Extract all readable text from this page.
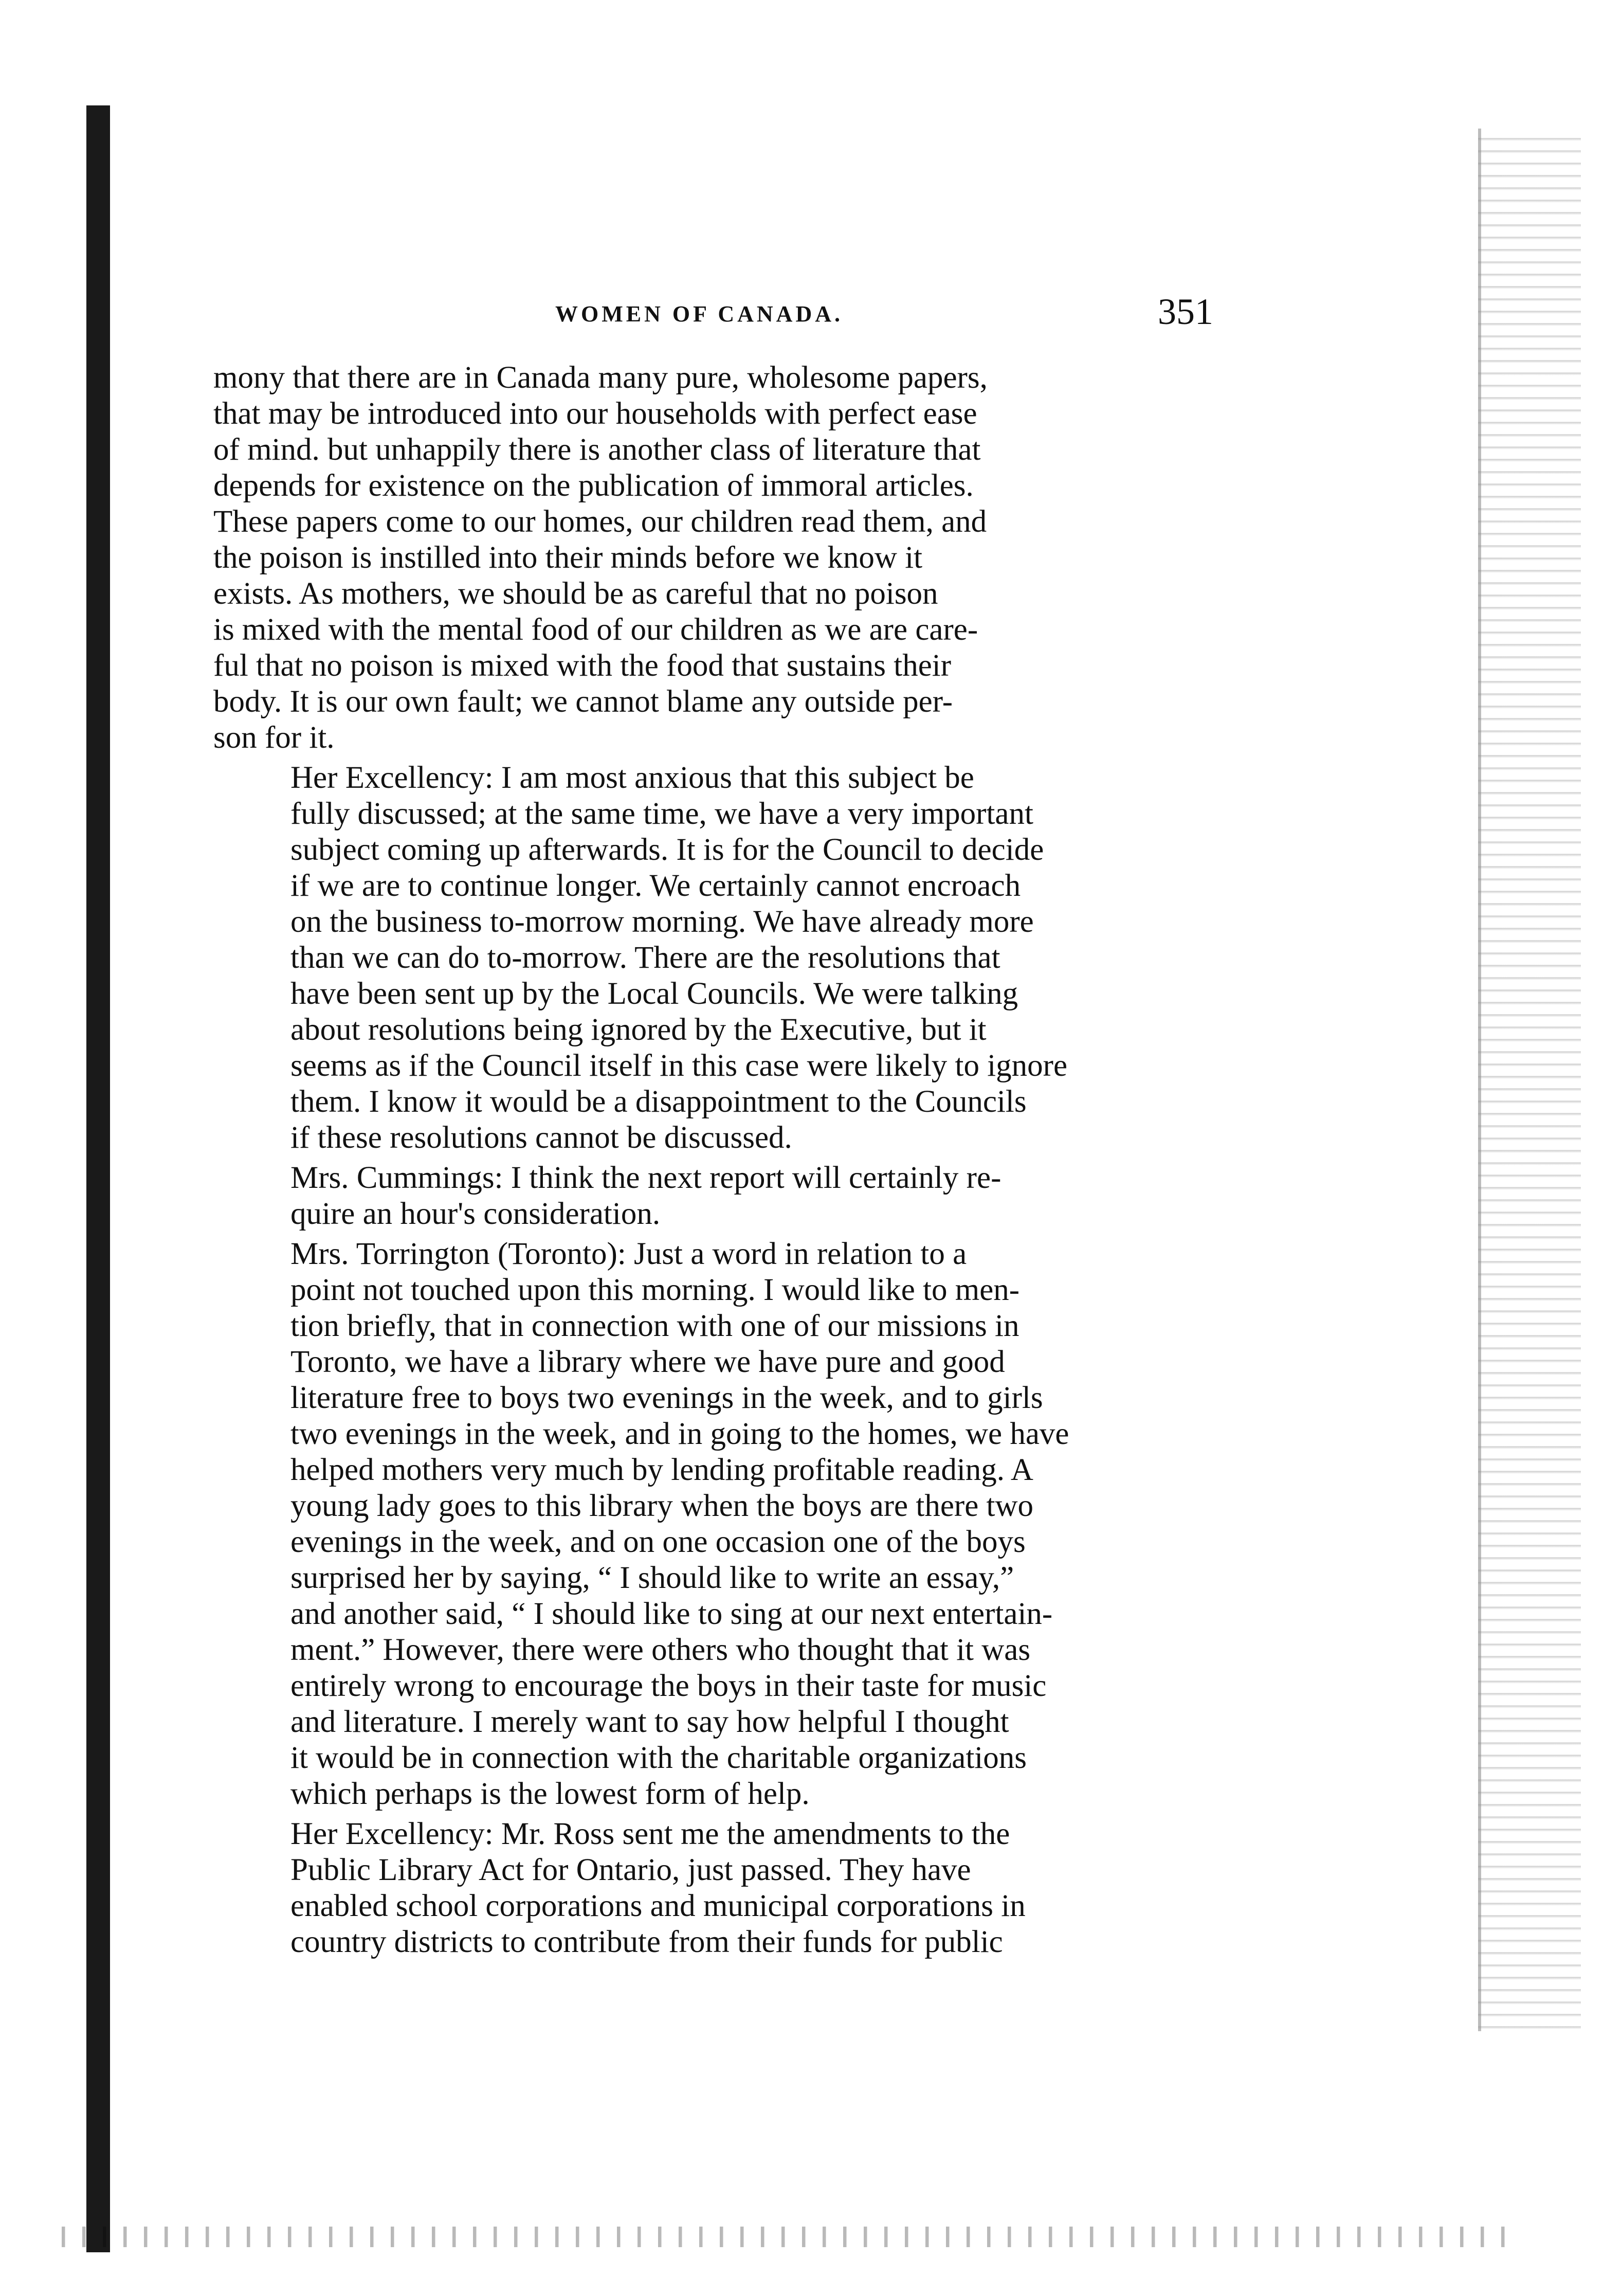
WOMEN OF CANADA.	351
mony that there are in Canada many pure, wholesome papers,
that may be introduced into our households with perfect ease
of mind. but unhappily there is another class of literature that
depends for existence on the publication of immoral articles.
These papers come to our homes, our children read them, and
the poison is instilled into their minds before we know it
exists. As mothers, we should be as careful that no poison
is mixed with the mental food of our children as we are care-
ful that no poison is mixed with the food that sustains their
body. It is our own fault; we cannot blame any outside per-
son for it.
Her Excellency: I am most anxious that this subject be
fully discussed; at the same time, we have a very important
subject coming up afterwards. It is for the Council to decide
if we are to continue longer. We certainly cannot encroach
on the business to-morrow morning. We have already more
than we can do to-morrow. There are the resolutions that
have been sent up by the Local Councils. We were talking
about resolutions being ignored by the Executive, but it
seems as if the Council itself in this case were likely to ignore
them. I know it would be a disappointment to the Councils
if these resolutions cannot be discussed.
Mrs. Cummings: I think the next report will certainly re-
quire an hour's consideration.
Mrs. Torrington (Toronto): Just a word in relation to a
point not touched upon this morning. I would like to men-
tion briefly, that in connection with one of our missions in
Toronto, we have a library where we have pure and good
literature free to boys two evenings in the week, and to girls
two evenings in the week, and in going to the homes, we have
helped mothers very much by lending profitable reading. A
young lady goes to this library when the boys are there two
evenings in the week, and on one occasion one of the boys
surprised her by saying, “ I should like to write an essay,”
and another said, “ I should like to sing at our next entertain-
ment.” However, there were others who thought that it was
entirely wrong to encourage the boys in their taste for music
and literature. I merely want to say how helpful I thought
it would be in connection with the charitable organizations
which perhaps is the lowest form of help.
Her Excellency: Mr. Ross sent me the amendments to the
Public Library Act for Ontario, just passed. They have
enabled school corporations and municipal corporations in
country districts to contribute from their funds for public
